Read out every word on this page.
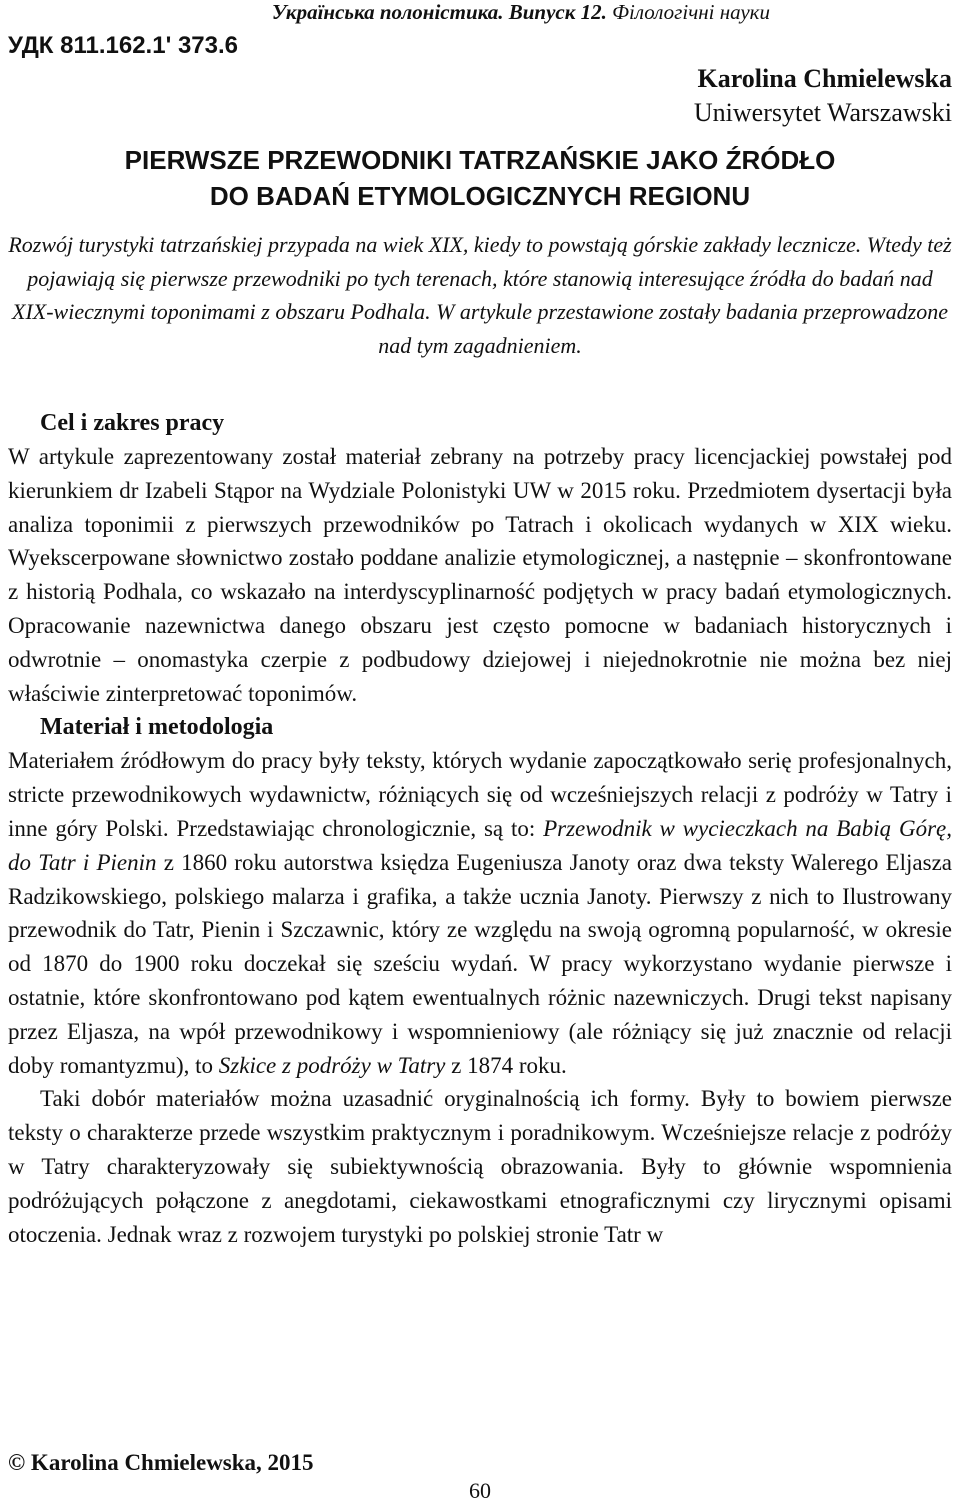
Українська полоністика. Випуск 12. Філологічні науки
УДК 811.162.1' 373.6
Karolina Chmielewska
Uniwersytet Warszawski
PIERWSZE PRZEWODNIKI TATRZAŃSKIE JAKO ŹRÓDŁO
DO BADAŃ ETYMOLOGICZNYCH REGIONU
Rozwój turystyki tatrzańskiej przypada na wiek XIX, kiedy to powstają górskie zakłady lecznicze. Wtedy też pojawiają się pierwsze przewodniki po tych terenach, które stanowią interesujące źródła do badań nad XIX-wiecznymi toponimami z obszaru Podhala. W artykule przestawione zostały badania przeprowadzone nad tym zagadnieniem.
Cel i zakres pracy

W artykule zaprezentowany został materiał zebrany na potrzeby pracy licencjackiej powstałej pod kierunkiem dr Izabeli Stąpor na Wydziale Polonistyki UW w 2015 roku. Przedmiotem dysertacji była analiza toponimii z pierwszych przewodników po Tatrach i okolicach wydanych w XIX wieku. Wyekscerpowane słownictwo zostało poddane analizie etymologicznej, a następnie – skonfrontowane z historią Podhala, co wskazało na interdyscyplinarność podjętych w pracy badań etymologicznych. Opracowanie nazewnictwa danego obszaru jest często pomocne w badaniach historycznych i odwrotnie – onomastyka czerpie z podbudowy dziejowej i niejednokrotnie nie można bez niej właściwie zinterpretować toponimów.

Materiał i metodologia

Materiałem źródłowym do pracy były teksty, których wydanie zapoczątkowało serię profesjonalnych, stricte przewodnikowych wydawnictw, różniących się od wcześniejszych relacji z podróży w Tatry i inne góry Polski. Przedstawiając chronologicznie, są to: Przewodnik w wycieczkach na Babią Górę, do Tatr i Pienin z 1860 roku autorstwa księdza Eugeniusza Janoty oraz dwa teksty Walerego Eljasza Radzikowskiego, polskiego malarza i grafika, a także ucznia Janoty. Pierwszy z nich to Ilustrowany przewodnik do Tatr, Pienin i Szczawnic, który ze względu na swoją ogromną popularność, w okresie od 1870 do 1900 roku doczekał się sześciu wydań. W pracy wykorzystano wydanie pierwsze i ostatnie, które skonfrontowano pod kątem ewentualnych różnic nazewniczych. Drugi tekst napisany przez Eljasza, na wpół przewodnikowy i wspomnieniowy (ale różniący się już znacznie od relacji doby romantyzmu), to Szkice z podróży w Tatry z 1874 roku.

Taki dobór materiałów można uzasadnić oryginalnością ich formy. Były to bowiem pierwsze teksty o charakterze przede wszystkim praktycznym i poradnikowym. Wcześniejsze relacje z podróży w Tatry charakteryzowały się subiektywnością obrazowania. Były to głównie wspomnienia podróżujących połączone z anegdotami, ciekawostkami etnograficznymi czy lirycznymi opisami otoczenia. Jednak wraz z rozwojem turystyki po polskiej stronie Tatr w

© Karolina Chmielewska, 2015
60
